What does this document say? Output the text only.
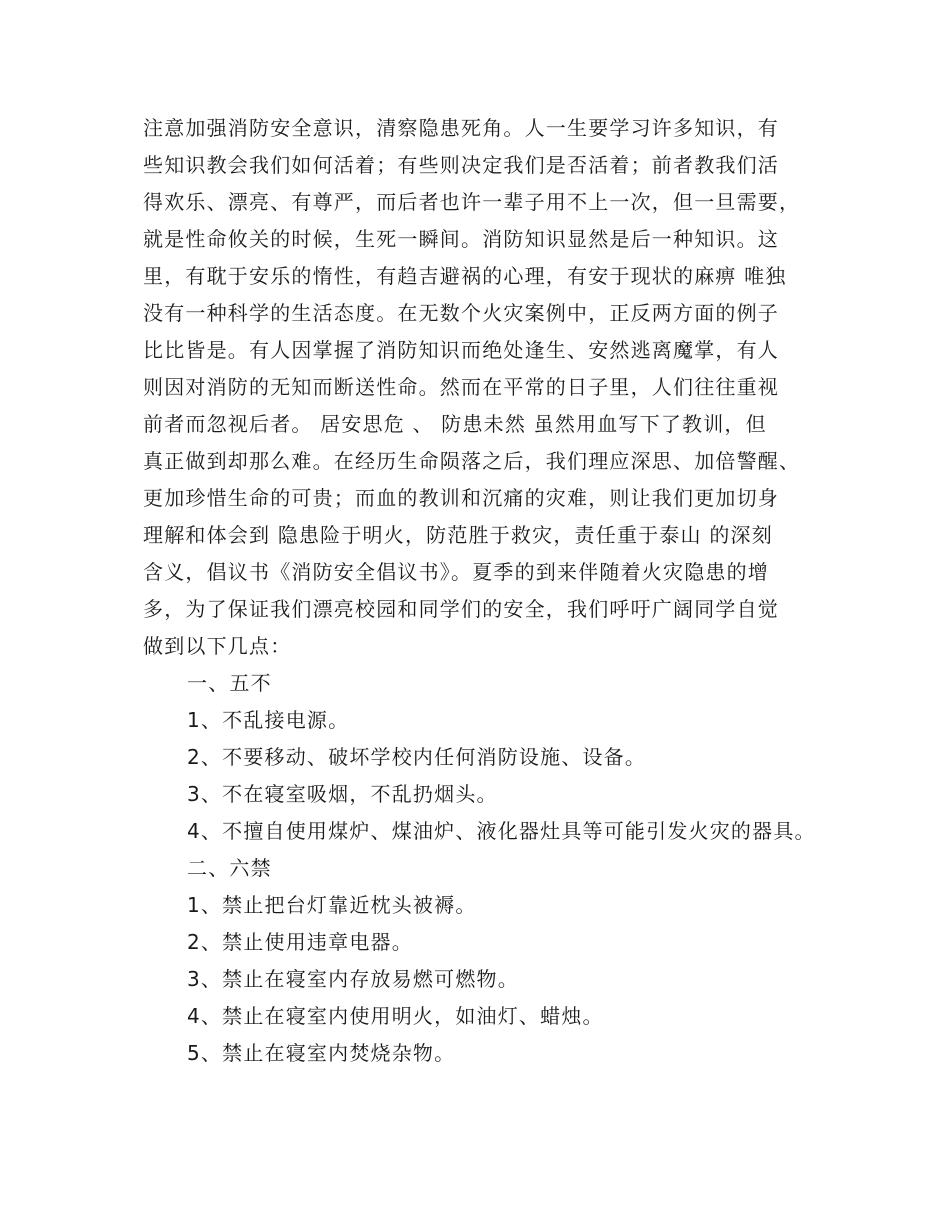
注意加强消防安全意识，清察隐患死角。人一生要学习许多知识，有
些知识教会我们如何活着；有些则决定我们是否活着；前者教我们活
得欢乐、漂亮、有尊严，而后者也许一辈子用不上一次，但一旦需要，
就是性命攸关的时候，生死一瞬间。消防知识显然是后一种知识。这
里，有耽于安乐的惰性，有趋吉避祸的心理，有安于现状的麻痹 唯独
没有一种科学的生活态度。在无数个火灾案例中，正反两方面的例子
比比皆是。有人因掌握了消防知识而绝处逢生、安然逃离魔掌，有人
则因对消防的无知而断送性命。然而在平常的日子里，人们往往重视
前者而忽视后者。 居安思危 、 防患未然 虽然用血写下了教训，但
真正做到却那么难。在经历生命陨落之后，我们理应深思、加倍警醒、
更加珍惜生命的可贵；而血的教训和沉痛的灾难，则让我们更加切身
理解和体会到 隐患险于明火，防范胜于救灾，责任重于泰山 的深刻
含义，倡议书《消防安全倡议书》。夏季的到来伴随着火灾隐患的增
多，为了保证我们漂亮校园和同学们的安全，我们呼吁广阔同学自觉
做到以下几点：
一、五不
1、不乱接电源。
2、不要移动、破坏学校内任何消防设施、设备。
3、不在寝室吸烟，不乱扔烟头。
4、不擅自使用煤炉、煤油炉、液化器灶具等可能引发火灾的器具。
二、六禁
1、禁止把台灯靠近枕头被褥。
2、禁止使用违章电器。
3、禁止在寝室内存放易燃可燃物。
4、禁止在寝室内使用明火，如油灯、蜡烛。
5、禁止在寝室内焚烧杂物。
